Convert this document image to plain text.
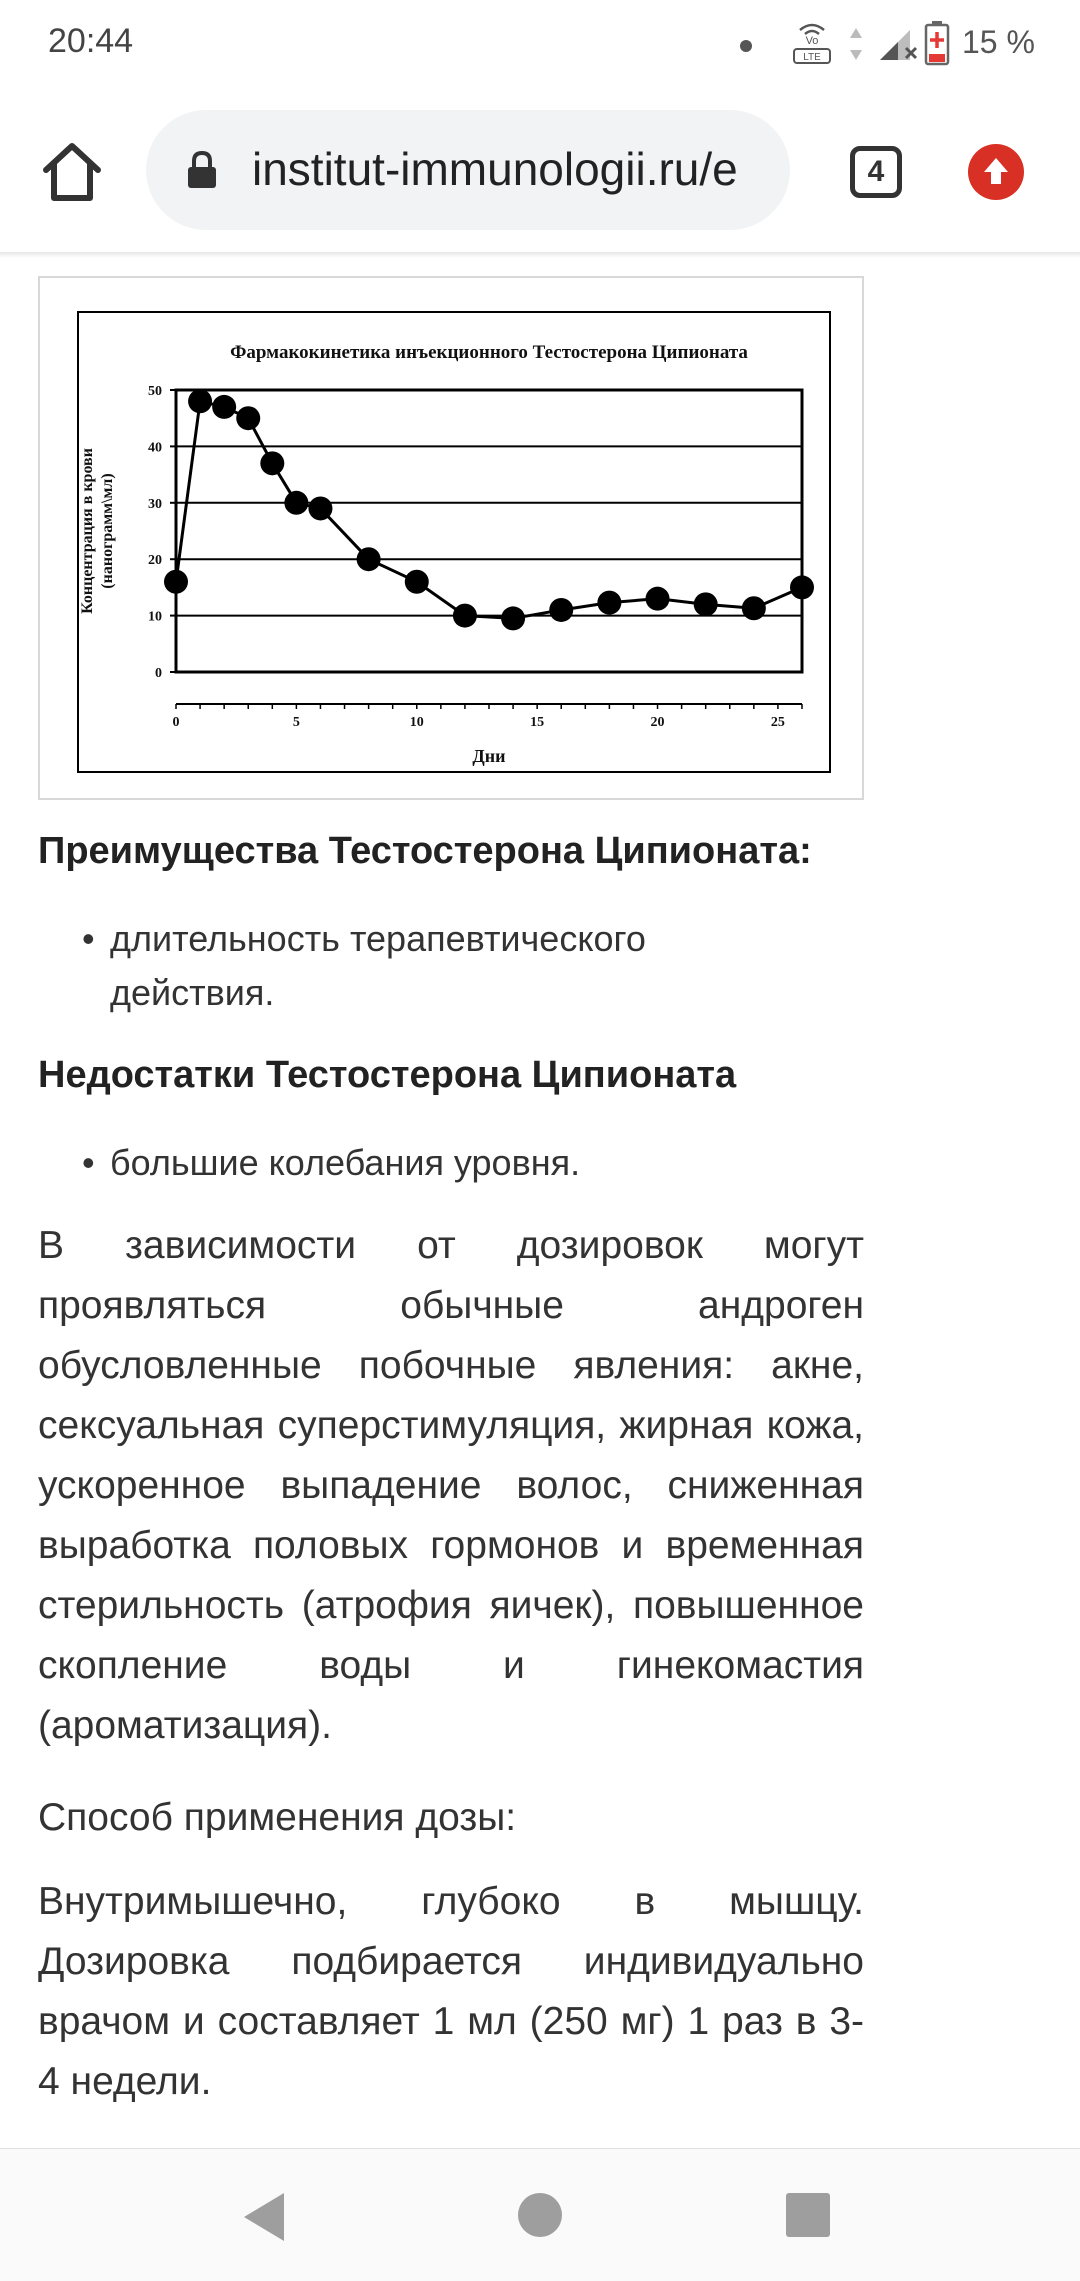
20:44	Vo
LTE	15 %
institut-immunologii.ru/e	4
Фармакокинетика инъекционного Тестостерона Ципионата
0
10
20
30
40
50
0	5	10	15	20	25
Дни
Концентрация в крови (нанограмм\мл)
Преимущества Тестостерона Ципионата:
• длительность терапевтического действия.
Недостатки Тестостерона Ципионата
• большие колебания уровня.
В зависимости от дозировок могут проявляться обычные андроген обусловленные побочные явления: акне, сексуальная суперстимуляция, жирная кожа, ускоренное выпадение волос, сниженная выработка половых гормонов и временная стерильность (атрофия яичек), повышенное скопление воды и гинекомастия (ароматизация).
Способ применения дозы:
Внутримышечно, глубоко в мышцу. Дозировка подбирается индивидуально врачом и составляет 1 мл (250 мг) 1 раз в 3-4 недели.
